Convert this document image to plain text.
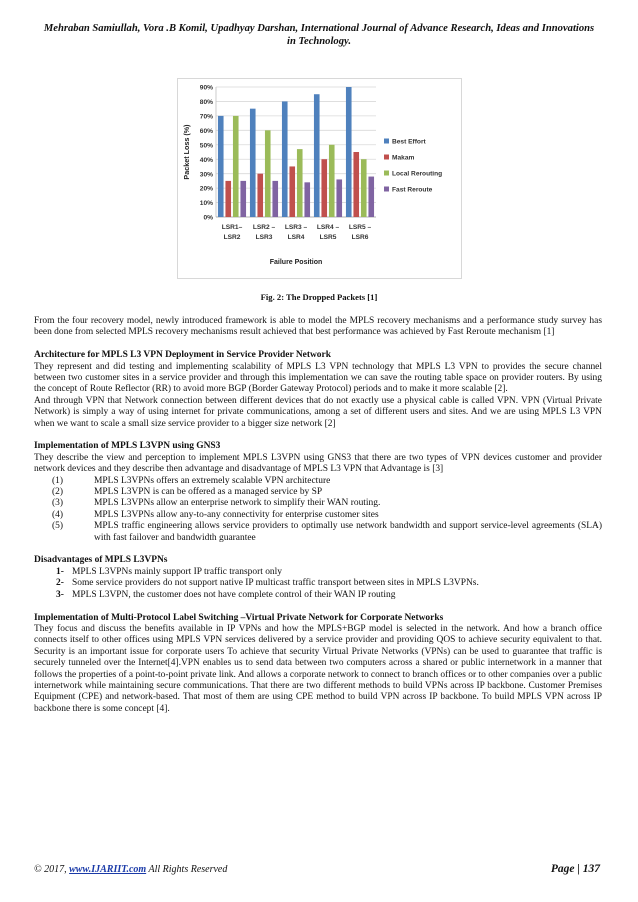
Mehraban Samiullah, Vora .B Komil, Upadhyay Darshan, International Journal of Advance Research, Ideas and Innovations
in Technology.
0%
10%
20%
30%
40%
50%
60%
70%
80%
90%
LSR1–
LSR2
LSR2 –
LSR3
LSR3 –
LSR4
LSR4 –
LSR5
LSR5 –
LSR6
Failure Position
Packet Loss (%)	Best Effort
Makam
Local Rerouting
Fast Reroute
Fig. 2: The Dropped Packets [1]

From the four recovery model, newly introduced framework is able to model the MPLS recovery mechanisms and a performance study survey has been done from selected MPLS recovery mechanisms result achieved that best performance was achieved by Fast Reroute mechanism [1]

Architecture for MPLS L3 VPN Deployment in Service Provider Network

They represent and did testing and implementing scalability of MPLS L3 VPN technology that MPLS L3 VPN to provides the secure channel between two customer sites in a service provider and through this implementation we can save the routing table space on provider routers. By using the concept of Route Reflector (RR) to avoid more BGP (Border Gateway Protocol) periods and to make it more scalable [2].

And through VPN that Network connection between different devices that do not exactly use a physical cable is called VPN. VPN (Virtual Private Network) is simply a way of using internet for private communications, among a set of different users and sites. And we are using MPLS L3 VPN when we want to scale a small size service provider to a bigger size network [2]

Implementation of MPLS L3VPN using GNS3

They describe the view and perception to implement MPLS L3VPN using GNS3 that there are two types of VPN devices customer and provider network devices and they describe then advantage and disadvantage of MPLS L3 VPN that Advantage is [3]

(1)	MPLS L3VPNs offers an extremely scalable VPN architecture
(2)	MPLS L3VPN is can be offered as a managed service by SP
(3)	MPLS L3VPNs allow an enterprise network to simplify their WAN routing.
(4)	MPLS L3VPNs allow any-to-any connectivity for enterprise customer sites
(5)	MPLS traffic engineering allows service providers to optimally use network bandwidth and support service-level agreements (SLA) with fast failover and bandwidth guarantee

Disadvantages of MPLS L3VPNs

1- MPLS L3VPNs mainly support IP traffic transport only
2- Some service providers do not support native IP multicast traffic transport between sites in MPLS L3VPNs.
3- MPLS L3VPN, the customer does not have complete control of their WAN IP routing

Implementation of Multi-Protocol Label Switching –Virtual Private Network for Corporate Networks

They focus and discuss the benefits available in IP VPNs and how the MPLS+BGP model is selected in the network. And how a branch office connects itself to other offices using MPLS VPN services delivered by a service provider and providing QOS to achieve security equivalent to that. Security is an important issue for corporate users To achieve that security Virtual Private Networks (VPNs) can be used to guarantee that traffic is securely tunneled over the Internet[4].VPN enables us to send data between two computers across a shared or public internetwork in a manner that follows the properties of a point-to-point private link. And allows a corporate network to connect to branch offices or to other companies over a public internetwork while maintaining secure communications. That there are two different methods to build VPNs across IP backbone. Customer Premises Equipment (CPE) and network-based. That most of them are using CPE method to build VPN across IP backbone. To build MPLS VPN across IP backbone there is some concept [4].

© 2017, www.IJARIIT.com All Rights Reserved	Page | 137
